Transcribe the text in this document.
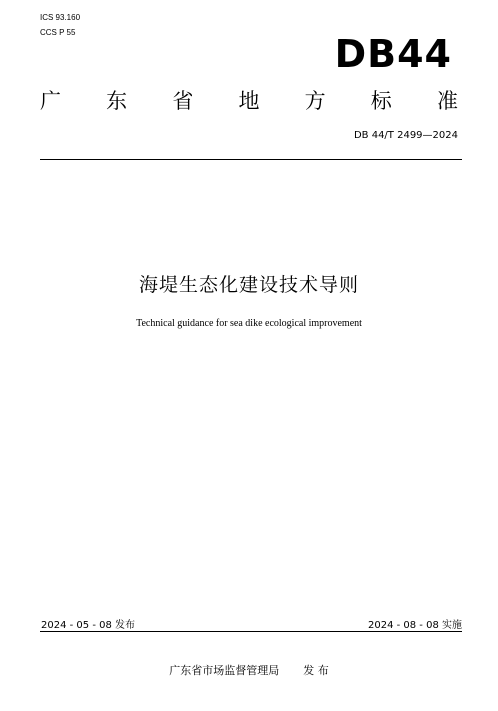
ICS 93.160
CCS P 55	DB44
广 东 省 地 方 标 准
DB 44/T 2499—2024
海堤生态化建设技术导则
Technical guidance for sea dike ecological improvement
2024 - 05 - 08 发布	2024 - 08 - 08 实施
广东省市场监督管理局 发 布
